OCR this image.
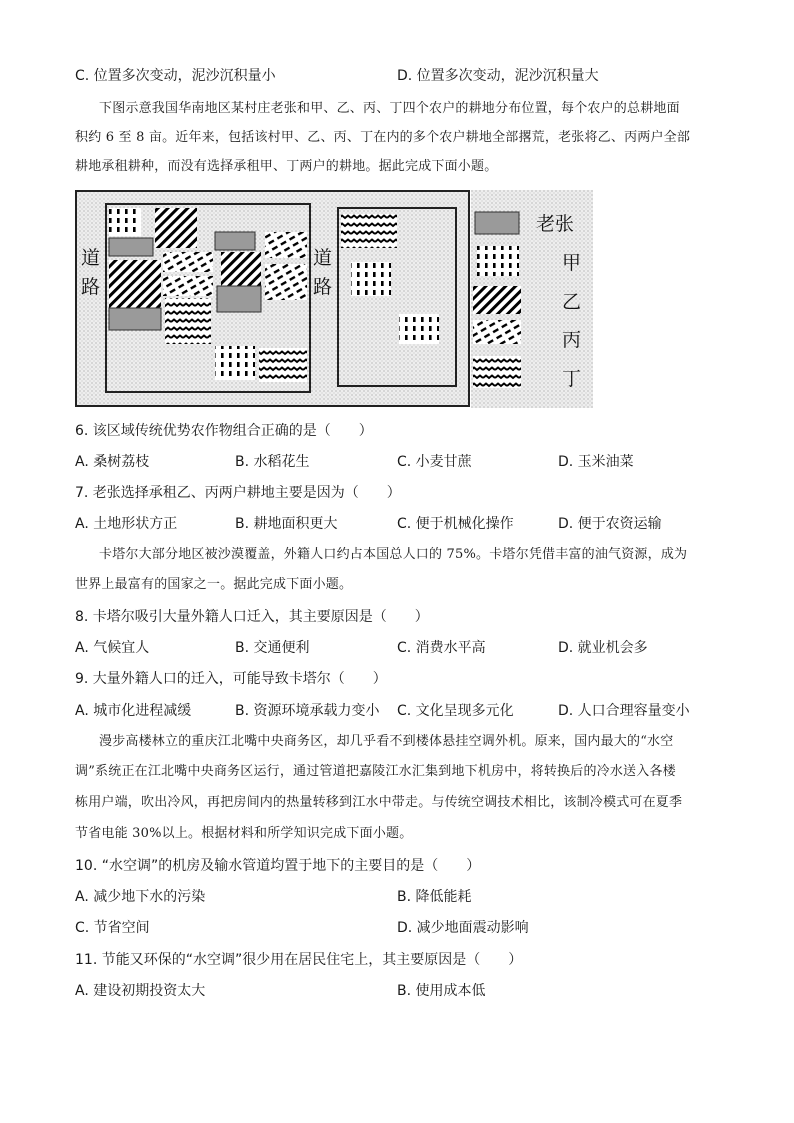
C. 位置多次变动，泥沙沉积量小	D. 位置多次变动，泥沙沉积量大
下图示意我国华南地区某村庄老张和甲、乙、丙、丁四个农户的耕地分布位置，每个农户的总耕地面
积约 6 至 8 亩。近年来，包括该村甲、乙、丙、丁在内的多个农户耕地全部撂荒，老张将乙、丙两户全部
耕地承租耕种，而没有选择承租甲、丁两户的耕地。据此完成下面小题。
道
路
道
路
老张
甲
乙
丙
丁
6. 该区域传统优势农作物组合正确的是（　　）
A. 桑树荔枝	B. 水稻花生	C. 小麦甘蔗	D. 玉米油菜
7. 老张选择承租乙、丙两户耕地主要是因为（　　）
A. 土地形状方正	B. 耕地面积更大	C. 便于机械化操作	D. 便于农资运输
卡塔尔大部分地区被沙漠覆盖，外籍人口约占本国总人口的 75%。卡塔尔凭借丰富的油气资源，成为
世界上最富有的国家之一。据此完成下面小题。
8. 卡塔尔吸引大量外籍人口迁入，其主要原因是（　　）
A. 气候宜人	B. 交通便利	C. 消费水平高	D. 就业机会多
9. 大量外籍人口的迁入，可能导致卡塔尔（　　）
A. 城市化进程减缓	B. 资源环境承载力变小 C. 文化呈现多元化	D. 人口合理容量变小
漫步高楼林立的重庆江北嘴中央商务区，却几乎看不到楼体悬挂空调外机。原来，国内最大的“水空
调”系统正在江北嘴中央商务区运行，通过管道把嘉陵江水汇集到地下机房中，将转换后的冷水送入各楼
栋用户端，吹出冷风，再把房间内的热量转移到江水中带走。与传统空调技术相比，该制冷模式可在夏季
节省电能 30%以上。根据材料和所学知识完成下面小题。
10. “水空调”的机房及输水管道均置于地下的主要目的是（　　）
A. 减少地下水的污染	B. 降低能耗
C. 节省空间	D. 减少地面震动影响
11. 节能又环保的“水空调”很少用在居民住宅上，其主要原因是（　　）
A. 建设初期投资太大	B. 使用成本低
